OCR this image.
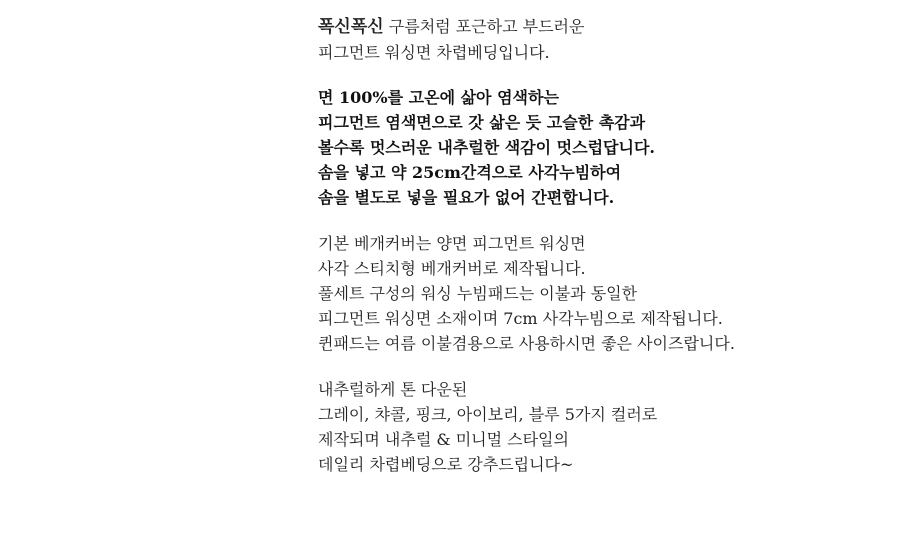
폭신폭신 구름처럼 포근하고 부드러운

피그먼트 워싱면 차렵베딩입니다.

면 100%를 고온에 삶아 염색하는

피그먼트 염색면으로 갓 삶은 듯 고슬한 촉감과

볼수록 멋스러운 내추럴한 색감이 멋스럽답니다.

솜을 넣고 약 25cm간격으로 사각누빔하여

솜을 별도로 넣을 필요가 없어 간편합니다.

기본 베개커버는 양면 피그먼트 워싱면

사각 스티치형 베개커버로 제작됩니다.

풀세트 구성의 워싱 누빔패드는 이불과 동일한

피그먼트 워싱면 소재이며 7cm 사각누빔으로 제작됩니다.

퀸패드는 여름 이불겸용으로 사용하시면 좋은 사이즈랍니다.

내추럴하게 톤 다운된

그레이, 챠콜, 핑크, 아이보리, 블루 5가지 컬러로

제작되며 내추럴 & 미니멀 스타일의

데일리 차렵베딩으로 강추드립니다~
